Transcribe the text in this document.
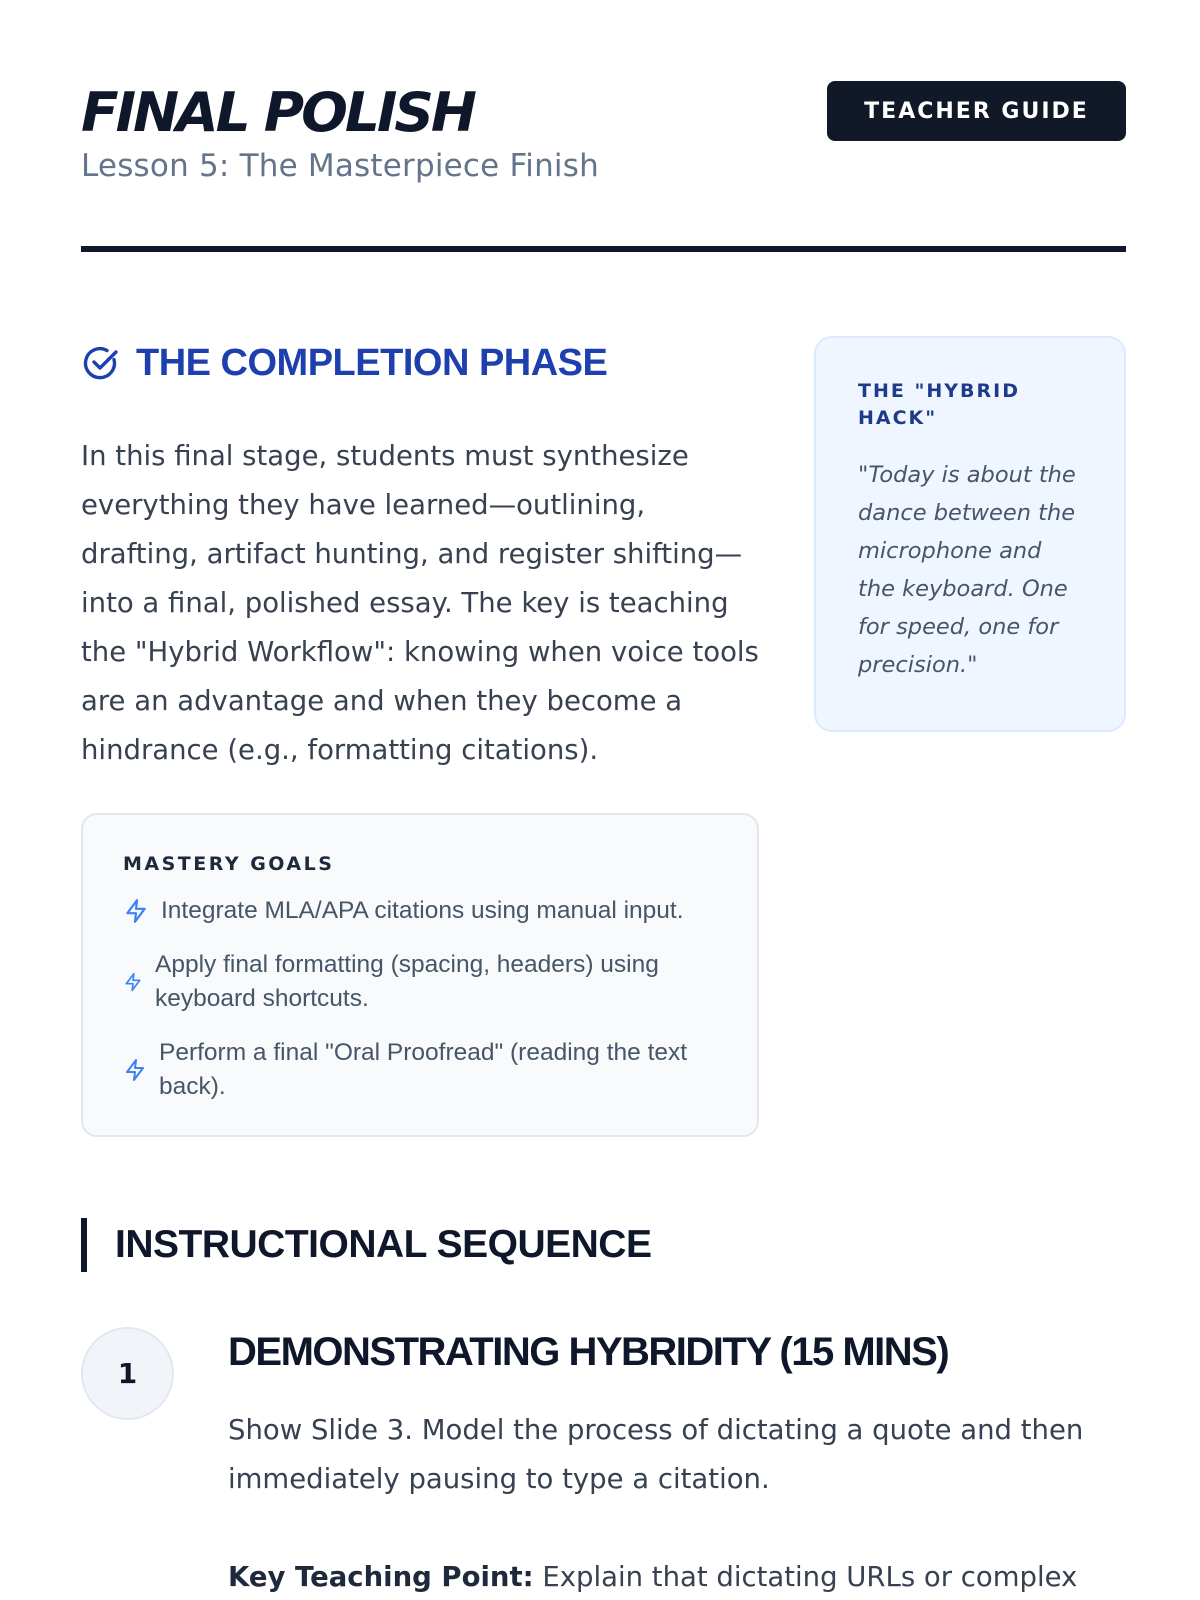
FINAL POLISH
Lesson 5: The Masterpiece Finish
TEACHER GUIDE
THE COMPLETION PHASE

In this final stage, students must synthesize everything they have learned—outlining, drafting, artifact hunting, and register shifting—into a final, polished essay. The key is teaching the "Hybrid Workflow": knowing when voice tools are an advantage and when they become a hindrance (e.g., formatting citations).

THE "HYBRID HACK"
"Today is about the dance between the microphone and the keyboard. One for speed, one for precision."
MASTERY GOALS
Integrate MLA/APA citations using manual input.
Apply final formatting (spacing, headers) using keyboard shortcuts.
Perform a final "Oral Proofread" (reading the text back).
INSTRUCTIONAL SEQUENCE
1	DEMONSTRATING HYBRIDITY (15 MINS)

Show Slide 3. Model the process of dictating a quote and then immediately pausing to type a citation.

Key Teaching Point: Explain that dictating URLs or complex
